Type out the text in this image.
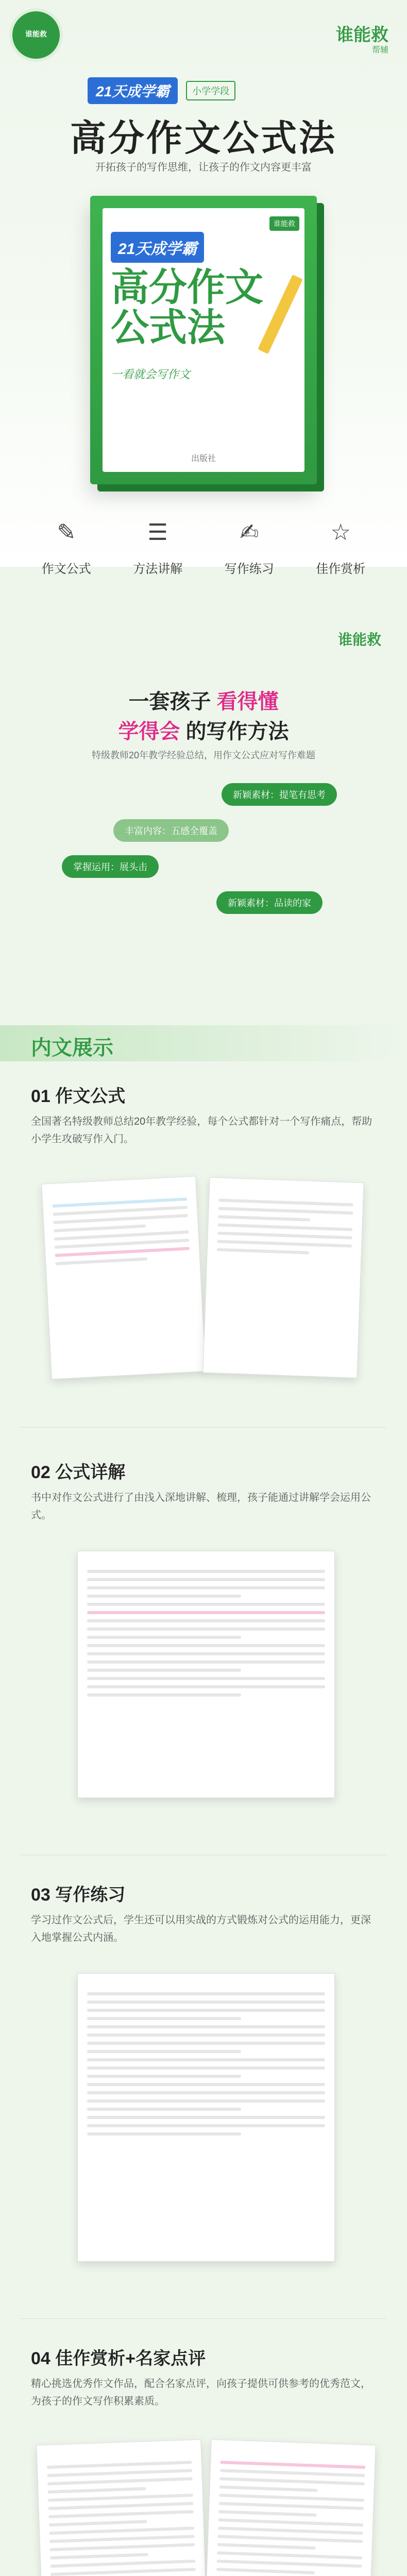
谁能救	谁能救
帮辅
21天成学霸	小学学段
高分作文公式法
开拓孩子的写作思维，让孩子的作文内容更丰富
谁能救
21天成学霸
高分作文公式法
一看就会写作文
出版社
✎
作文公式
☰
方法讲解
✍
写作练习
☆
佳作赏析
谁能救
一套孩子 看得懂
学得会 的写作方法
特级教师20年教学经验总结，用作文公式应对写作难题
新颖素材：提笔有思考
丰富内容：五感全覆盖
掌握运用：展头击
新颖素材：品读的家
内文展示
01 作文公式
全国著名特级教师总结20年教学经验，每个公式都针对一个写作痛点，帮助小学生攻破写作入门。
02 公式详解
书中对作文公式进行了由浅入深地讲解、梳理，孩子能通过讲解学会运用公式。
03 写作练习
学习过作文公式后，学生还可以用实战的方式锻炼对公式的运用能力，更深入地掌握公式内涵。
04 佳作赏析+名家点评
精心挑选优秀作文作品，配合名家点评，向孩子提供可供参考的优秀范文，为孩子的作文写作积累素质。
